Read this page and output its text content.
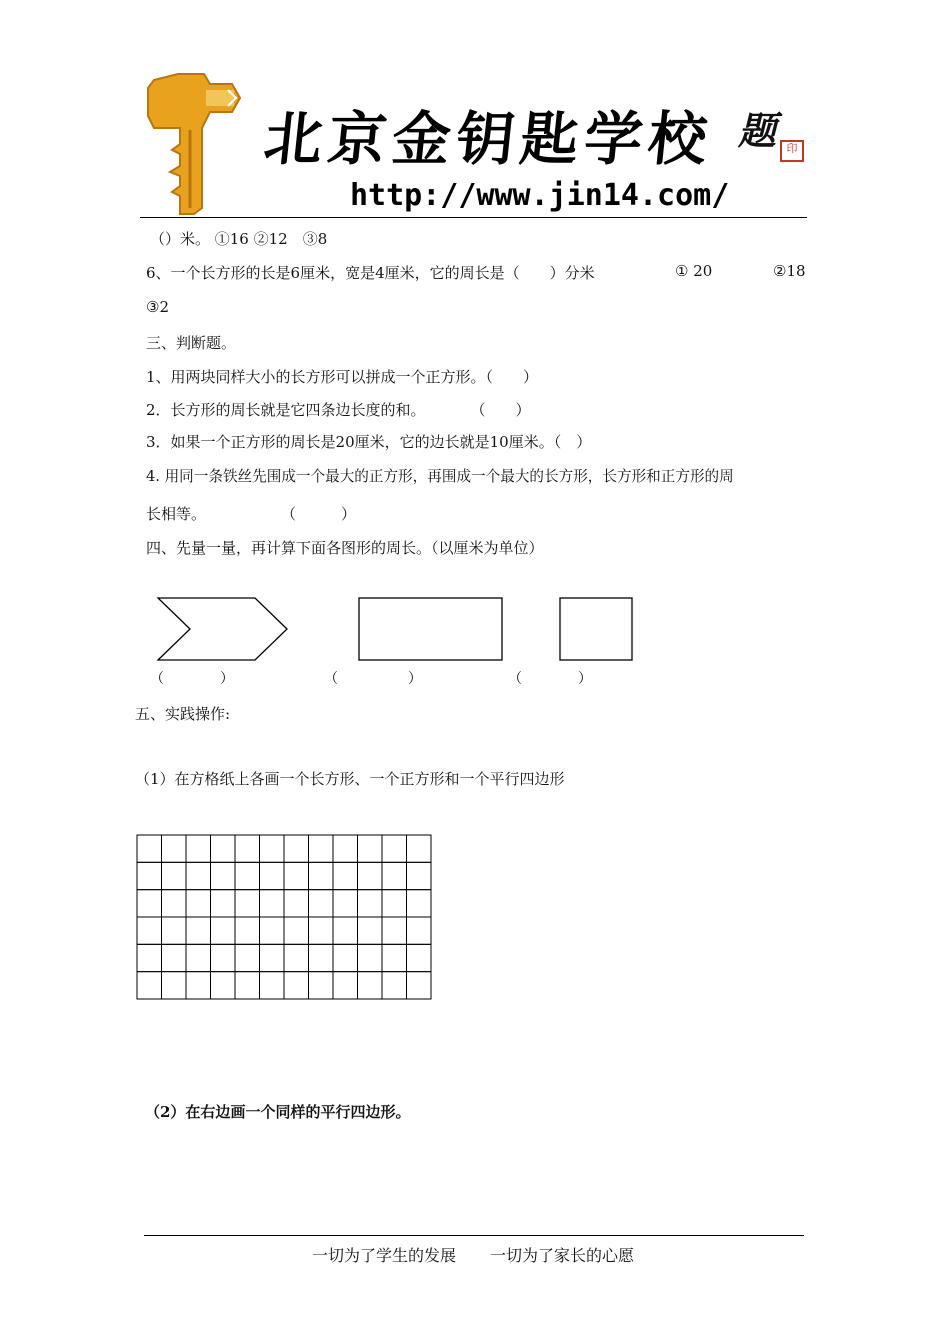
北京金钥匙学校 题 印
http://www.jin14.com/
（）米。 ①16 ②12　③8
6、一个长方形的长是6厘米，宽是4厘米，它的周长是（　　）分米	① 20	②18
③2
三、判断题。
1、用两块同样大小的长方形可以拼成一个正方形。（　　）
2．长方形的周长就是它四条边长度的和。　　　　（　　）
3．如果一个正方形的周长是20厘米，它的边长就是10厘米。（　）
4. 用同一条铁丝先围成一个最大的正方形，再围成一个最大的长方形，长方形和正方形的周
长相等。　　　　　　（　　　）
四、先量一量，再计算下面各图形的周长。（以厘米为单位）
（　　　　）	（　　　　　）	（　　　　）
五、实践操作:
（1）在方格纸上各画一个长方形、一个正方形和一个平行四边形
（2）在右边画一个同样的平行四边形。
一切为了学生的发展 一切为了家长的心愿
